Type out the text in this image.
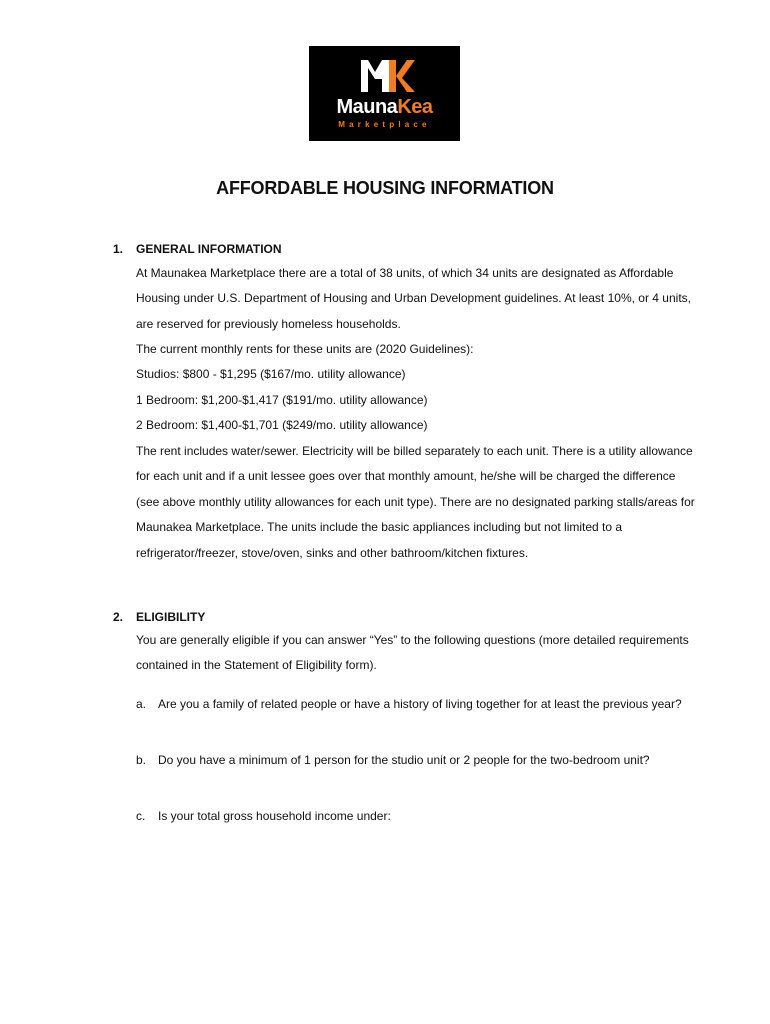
MaunaKea
Marketplace
AFFORDABLE HOUSING INFORMATION
1. GENERAL INFORMATION

At Maunakea Marketplace there are a total of 38 units, of which 34 units are designated as Affordable Housing under U.S. Department of Housing and Urban Development guidelines. At least 10%, or 4 units, are reserved for previously homeless households.

The current monthly rents for these units are (2020 Guidelines):
Studios: $800 - $1,295 ($167/mo. utility allowance)
1 Bedroom: $1,200-$1,417 ($191/mo. utility allowance)
2 Bedroom: $1,400-$1,701 ($249/mo. utility allowance)

The rent includes water/sewer. Electricity will be billed separately to each unit. There is a utility allowance for each unit and if a unit lessee goes over that monthly amount, he/she will be charged the difference (see above monthly utility allowances for each unit type). There are no designated parking stalls/areas for Maunakea Marketplace. The units include the basic appliances including but not limited to a refrigerator/freezer, stove/oven, sinks and other bathroom/kitchen fixtures.

2. ELIGIBILITY

You are generally eligible if you can answer “Yes” to the following questions (more detailed requirements contained in the Statement of Eligibility form).

a. Are you a family of related people or have a history of living together for at least the previous year?

b. Do you have a minimum of 1 person for the studio unit or 2 people for the two-bedroom unit?

c. Is your total gross household income under:
